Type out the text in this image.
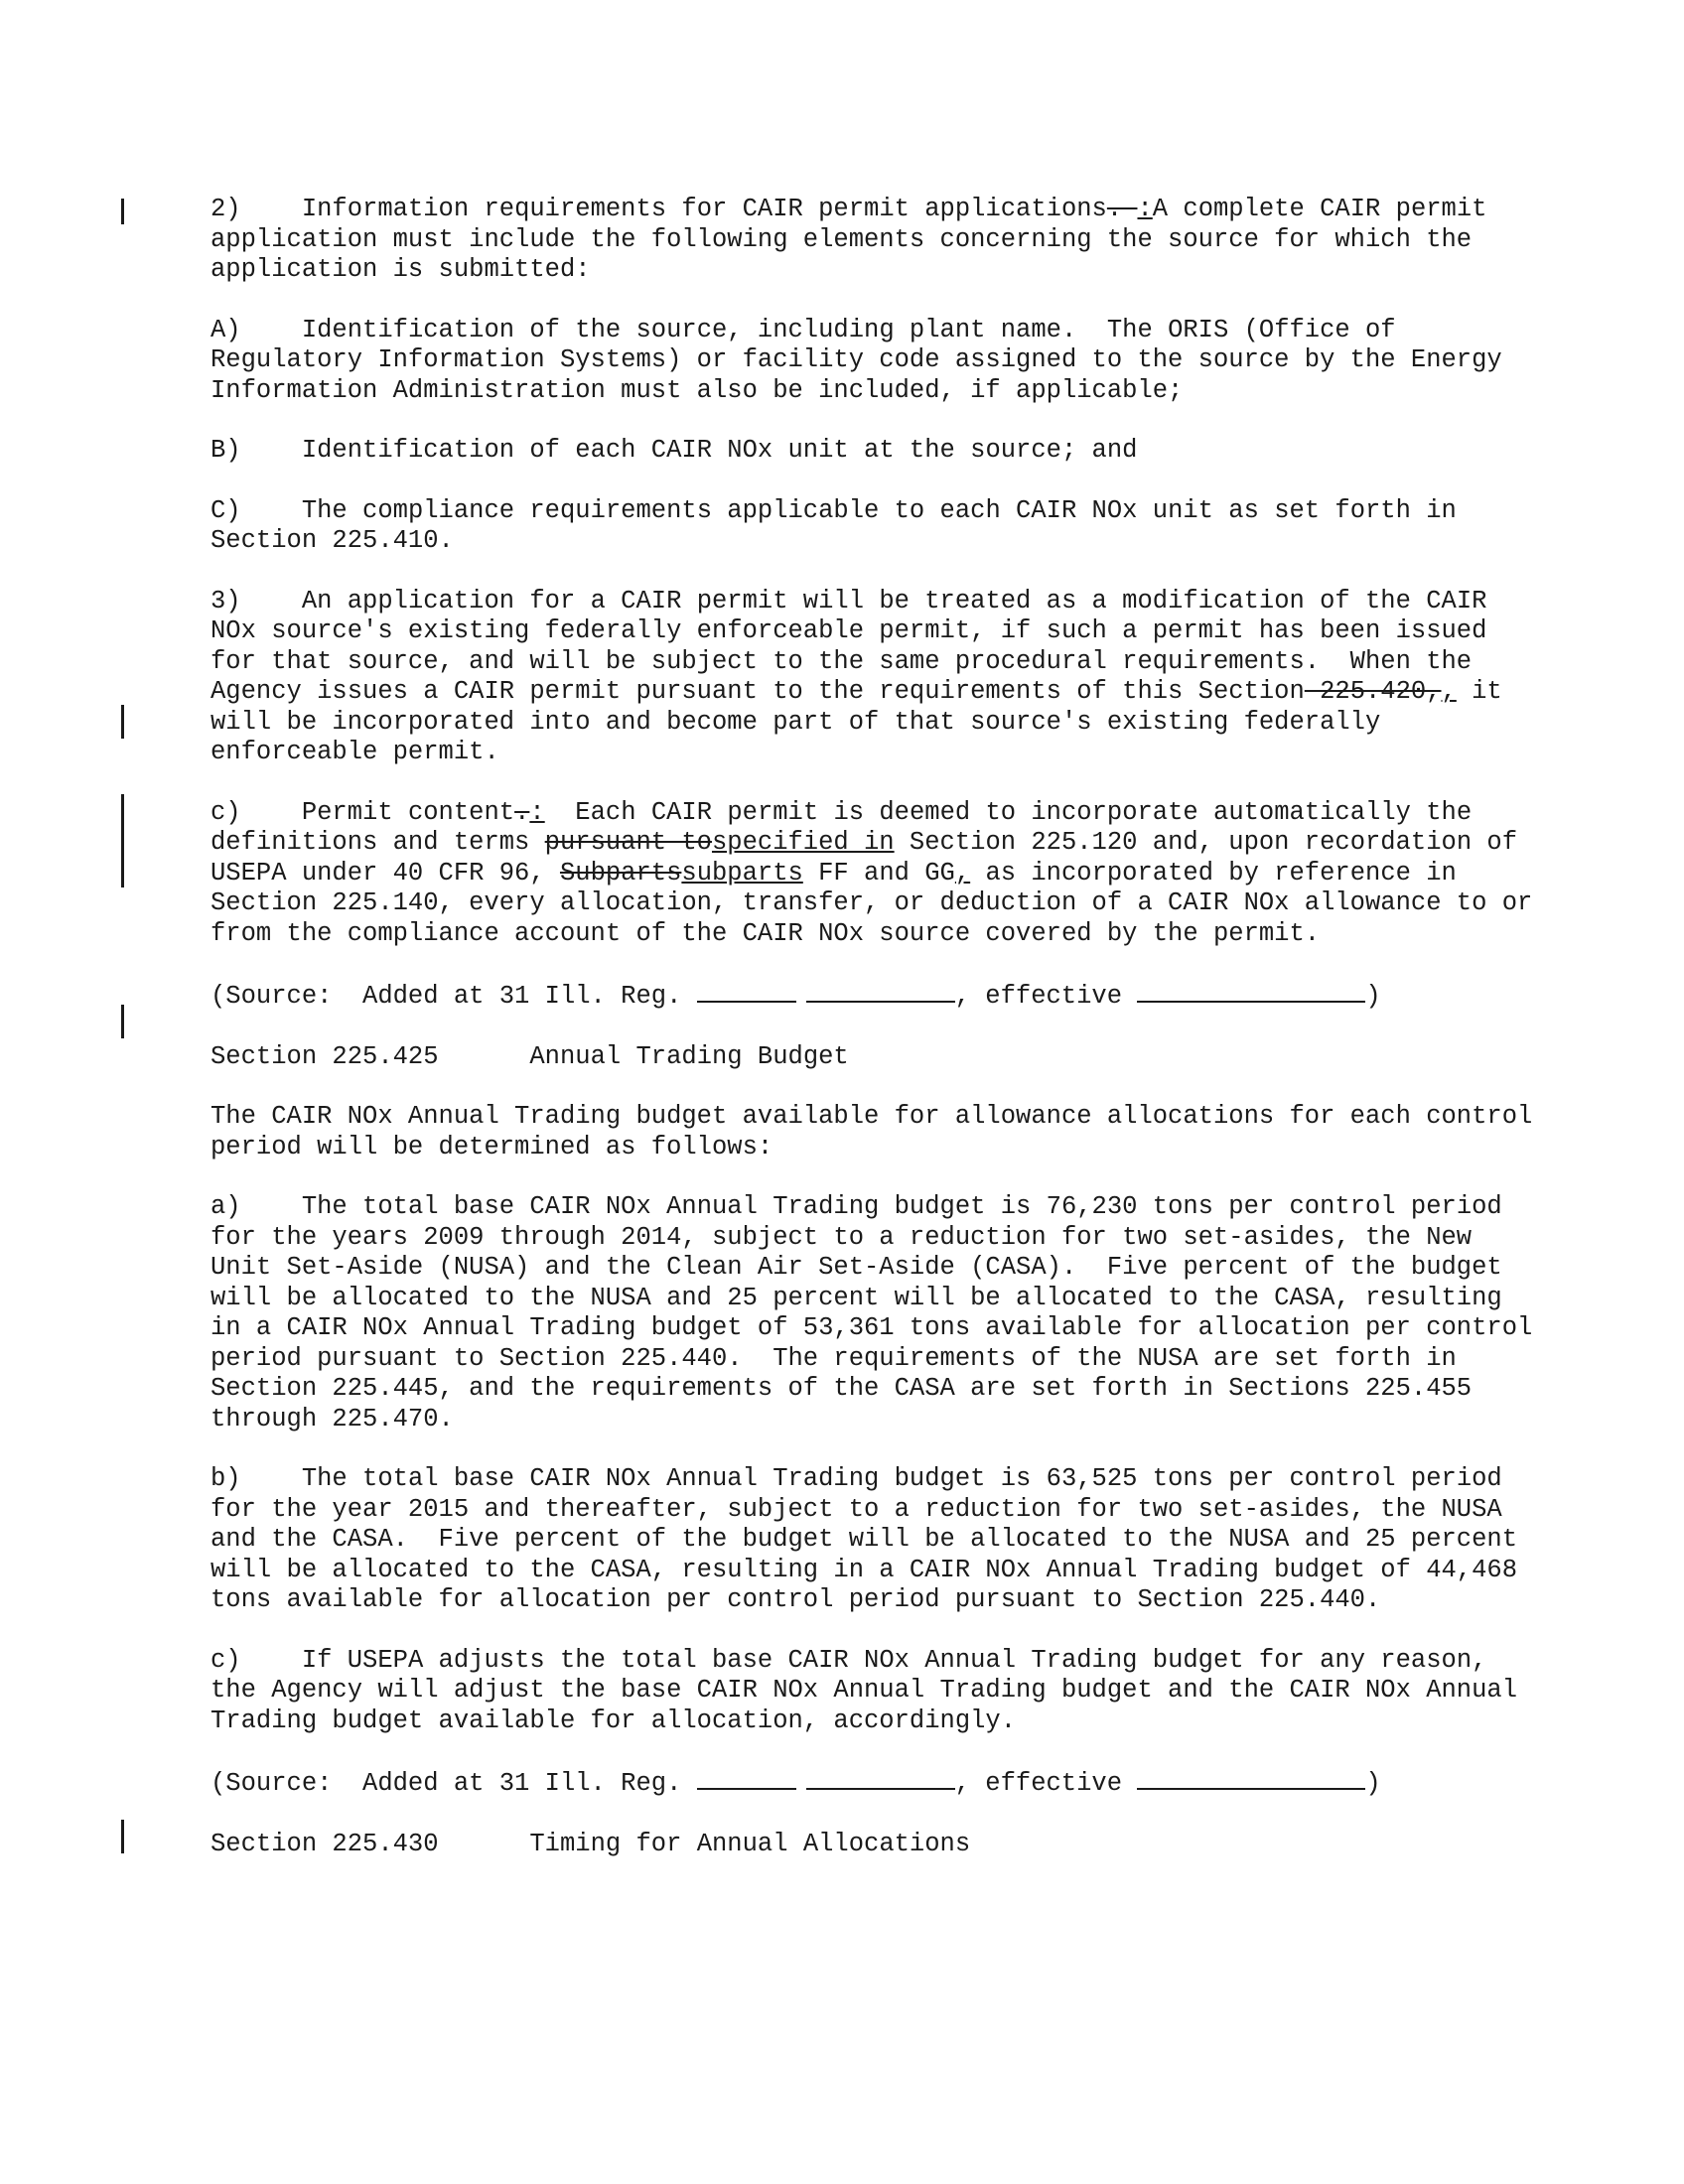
2) Information requirements for CAIR permit applications. :A complete CAIR permit application must include the following elements concerning the source for which the application is submitted:
A) Identification of the source, including plant name.  The ORIS (Office of Regulatory Information Systems) or facility code assigned to the source by the Energy Information Administration must also be included, if applicable;
B) Identification of each CAIR NOx unit at the source; and
C) The compliance requirements applicable to each CAIR NOx unit as set forth in Section 225.410.
3) An application for a CAIR permit will be treated as a modification of the CAIR NOx source's existing federally enforceable permit, if such a permit has been issued for that source, and will be subject to the same procedural requirements.  When the Agency issues a CAIR permit pursuant to the requirements of this Section 225.420,, it will be incorporated into and become part of that source's existing federally enforceable permit.
c) Permit content.:  Each CAIR permit is deemed to incorporate automatically the definitions and terms pursuant tospecified in Section 225.120 and, upon recordation of USEPA under 40 CFR 96, Subpartssubparts FF and GG, as incorporated by reference in Section 225.140, every allocation, transfer, or deduction of a CAIR NOx allowance to or from the compliance account of the CAIR NOx source covered by the permit.
(Source:  Added at 31 Ill. Reg.	, effective	)
Section 225.425	Annual Trading Budget
The CAIR NOx Annual Trading budget available for allowance allocations for each control period will be determined as follows:
a) The total base CAIR NOx Annual Trading budget is 76,230 tons per control period for the years 2009 through 2014, subject to a reduction for two set-asides, the New Unit Set-Aside (NUSA) and the Clean Air Set-Aside (CASA).  Five percent of the budget will be allocated to the NUSA and 25 percent will be allocated to the CASA, resulting in a CAIR NOx Annual Trading budget of 53,361 tons available for allocation per control period pursuant to Section 225.440.  The requirements of the NUSA are set forth in Section 225.445, and the requirements of the CASA are set forth in Sections 225.455 through 225.470.
b) The total base CAIR NOx Annual Trading budget is 63,525 tons per control period for the year 2015 and thereafter, subject to a reduction for two set-asides, the NUSA and the CASA.  Five percent of the budget will be allocated to the NUSA and 25 percent will be allocated to the CASA, resulting in a CAIR NOx Annual Trading budget of 44,468 tons available for allocation per control period pursuant to Section 225.440.
c) If USEPA adjusts the total base CAIR NOx Annual Trading budget for any reason, the Agency will adjust the base CAIR NOx Annual Trading budget and the CAIR NOx Annual Trading budget available for allocation, accordingly.
(Source:  Added at 31 Ill. Reg.	, effective	)
Section 225.430	Timing for Annual Allocations
